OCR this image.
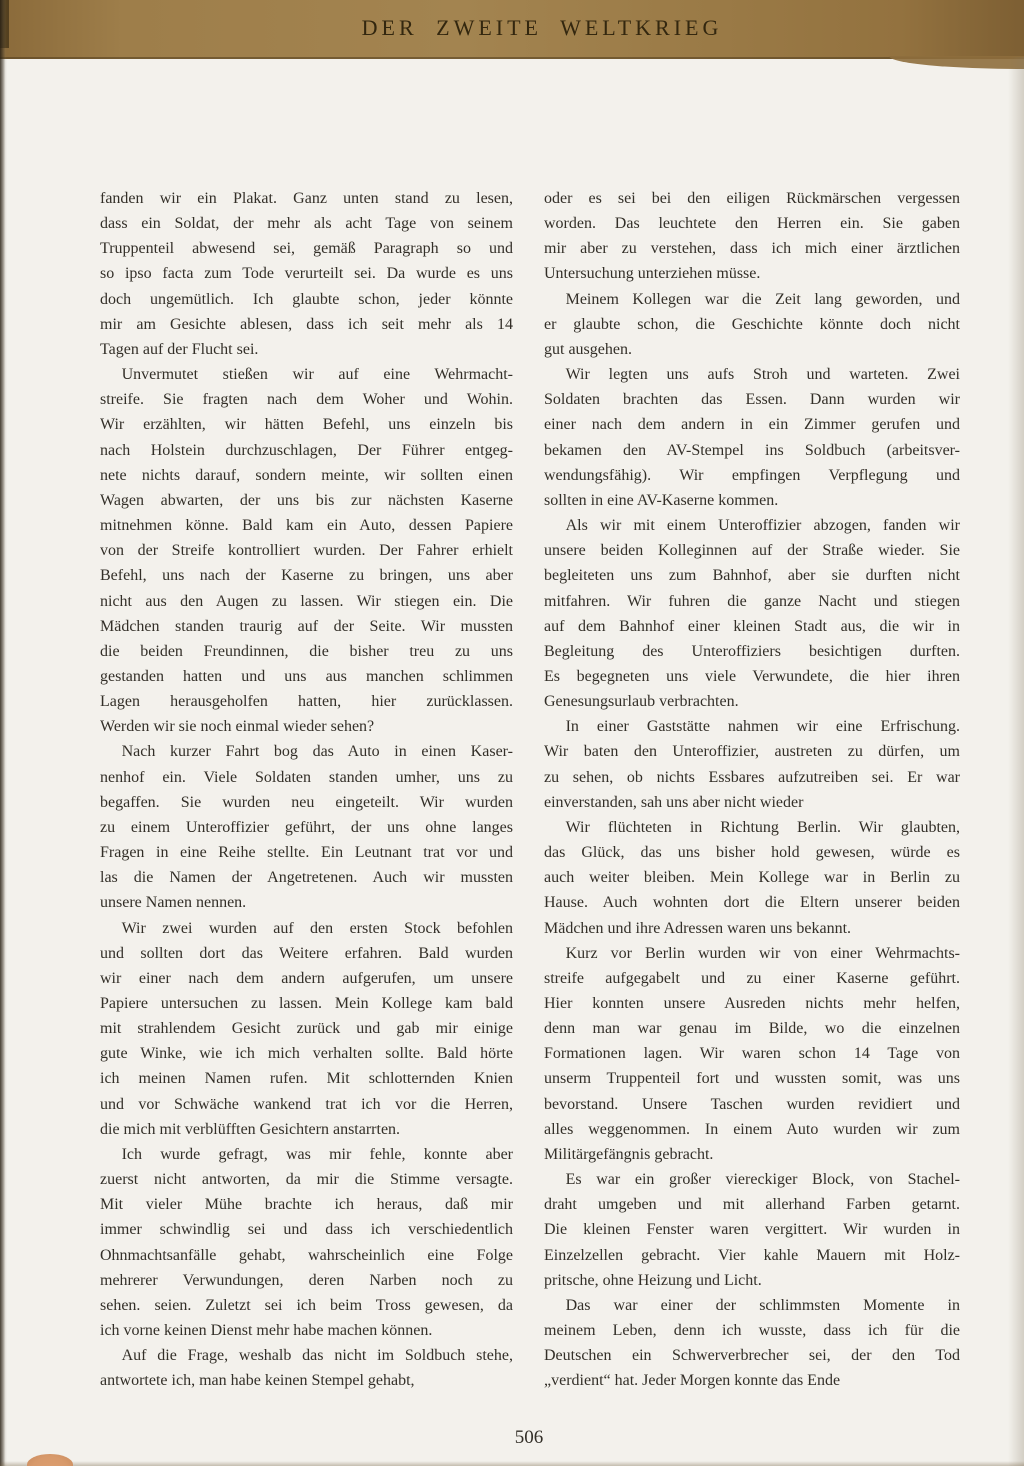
DER ZWEITE WELTKRIEG

fanden wir ein Plakat. Ganz unten stand zu lesen,
dass ein Soldat, der mehr als acht Tage von seinem
Truppenteil abwesend sei, gemäß Paragraph so und
so ipso facta zum Tode verurteilt sei. Da wurde es uns
doch ungemütlich. Ich glaubte schon, jeder könnte
mir am Gesichte ablesen, dass ich seit mehr als 14
Tagen auf der Flucht sei.

Unvermutet stießen wir auf eine Wehrmacht-
streife. Sie fragten nach dem Woher und Wohin.
Wir erzählten, wir hätten Befehl, uns einzeln bis
nach Holstein durchzuschlagen, Der Führer entgeg-
nete nichts darauf, sondern meinte, wir sollten einen
Wagen abwarten, der uns bis zur nächsten Kaserne
mitnehmen könne. Bald kam ein Auto, dessen Papiere
von der Streife kontrolliert wurden. Der Fahrer erhielt
Befehl, uns nach der Kaserne zu bringen, uns aber
nicht aus den Augen zu lassen. Wir stiegen ein. Die
Mädchen standen traurig auf der Seite. Wir mussten
die beiden Freundinnen, die bisher treu zu uns
gestanden hatten und uns aus manchen schlimmen
Lagen herausgeholfen hatten, hier zurücklassen.
Werden wir sie noch einmal wieder sehen?

Nach kurzer Fahrt bog das Auto in einen Kaser-
nenhof ein. Viele Soldaten standen umher, uns zu
begaffen. Sie wurden neu eingeteilt. Wir wurden
zu einem Unteroffizier geführt, der uns ohne langes
Fragen in eine Reihe stellte. Ein Leutnant trat vor und
las die Namen der Angetretenen. Auch wir mussten
unsere Namen nennen.

Wir zwei wurden auf den ersten Stock befohlen
und sollten dort das Weitere erfahren. Bald wurden
wir einer nach dem andern aufgerufen, um unsere
Papiere untersuchen zu lassen. Mein Kollege kam bald
mit strahlendem Gesicht zurück und gab mir einige
gute Winke, wie ich mich verhalten sollte. Bald hörte
ich meinen Namen rufen. Mit schlotternden Knien
und vor Schwäche wankend trat ich vor die Herren,
die mich mit verblüfften Gesichtern anstarrten.

Ich wurde gefragt, was mir fehle, konnte aber
zuerst nicht antworten, da mir die Stimme versagte.
Mit vieler Mühe brachte ich heraus, daß mir
immer schwindlig sei und dass ich verschiedentlich
Ohnmachtsanfälle gehabt, wahrscheinlich eine Folge
mehrerer Verwundungen, deren Narben noch zu
sehen. seien. Zuletzt sei ich beim Tross gewesen, da
ich vorne keinen Dienst mehr habe machen können.

Auf die Frage, weshalb das nicht im Soldbuch stehe,
antwortete ich, man habe keinen Stempel gehabt,

oder es sei bei den eiligen Rückmärschen vergessen
worden. Das leuchtete den Herren ein. Sie gaben
mir aber zu verstehen, dass ich mich einer ärztlichen
Untersuchung unterziehen müsse.

Meinem Kollegen war die Zeit lang geworden, und
er glaubte schon, die Geschichte könnte doch nicht
gut ausgehen.

Wir legten uns aufs Stroh und warteten. Zwei
Soldaten brachten das Essen. Dann wurden wir
einer nach dem andern in ein Zimmer gerufen und
bekamen den AV-Stempel ins Soldbuch (arbeitsver-
wendungsfähig). Wir empfingen Verpflegung und
sollten in eine AV-Kaserne kommen.

Als wir mit einem Unteroffizier abzogen, fanden wir
unsere beiden Kolleginnen auf der Straße wieder. Sie
begleiteten uns zum Bahnhof, aber sie durften nicht
mitfahren. Wir fuhren die ganze Nacht und stiegen
auf dem Bahnhof einer kleinen Stadt aus, die wir in
Begleitung des Unteroffiziers besichtigen durften.
Es begegneten uns viele Verwundete, die hier ihren
Genesungsurlaub verbrachten.

In einer Gaststätte nahmen wir eine Erfrischung.
Wir baten den Unteroffizier, austreten zu dürfen, um
zu sehen, ob nichts Essbares aufzutreiben sei. Er war
einverstanden, sah uns aber nicht wieder

Wir flüchteten in Richtung Berlin. Wir glaubten,
das Glück, das uns bisher hold gewesen, würde es
auch weiter bleiben. Mein Kollege war in Berlin zu
Hause. Auch wohnten dort die Eltern unserer beiden
Mädchen und ihre Adressen waren uns bekannt.

Kurz vor Berlin wurden wir von einer Wehrmachts-
streife aufgegabelt und zu einer Kaserne geführt.
Hier konnten unsere Ausreden nichts mehr helfen,
denn man war genau im Bilde, wo die einzelnen
Formationen lagen. Wir waren schon 14 Tage von
unserm Truppenteil fort und wussten somit, was uns
bevorstand. Unsere Taschen wurden revidiert und
alles weggenommen. In einem Auto wurden wir zum
Militärgefängnis gebracht.

Es war ein großer viereckiger Block, von Stachel-
draht umgeben und mit allerhand Farben getarnt.
Die kleinen Fenster waren vergittert. Wir wurden in
Einzelzellen gebracht. Vier kahle Mauern mit Holz-
pritsche, ohne Heizung und Licht.

Das war einer der schlimmsten Momente in
meinem Leben, denn ich wusste, dass ich für die
Deutschen ein Schwerverbrecher sei, der den Tod
„verdient“ hat. Jeder Morgen konnte das Ende

506
